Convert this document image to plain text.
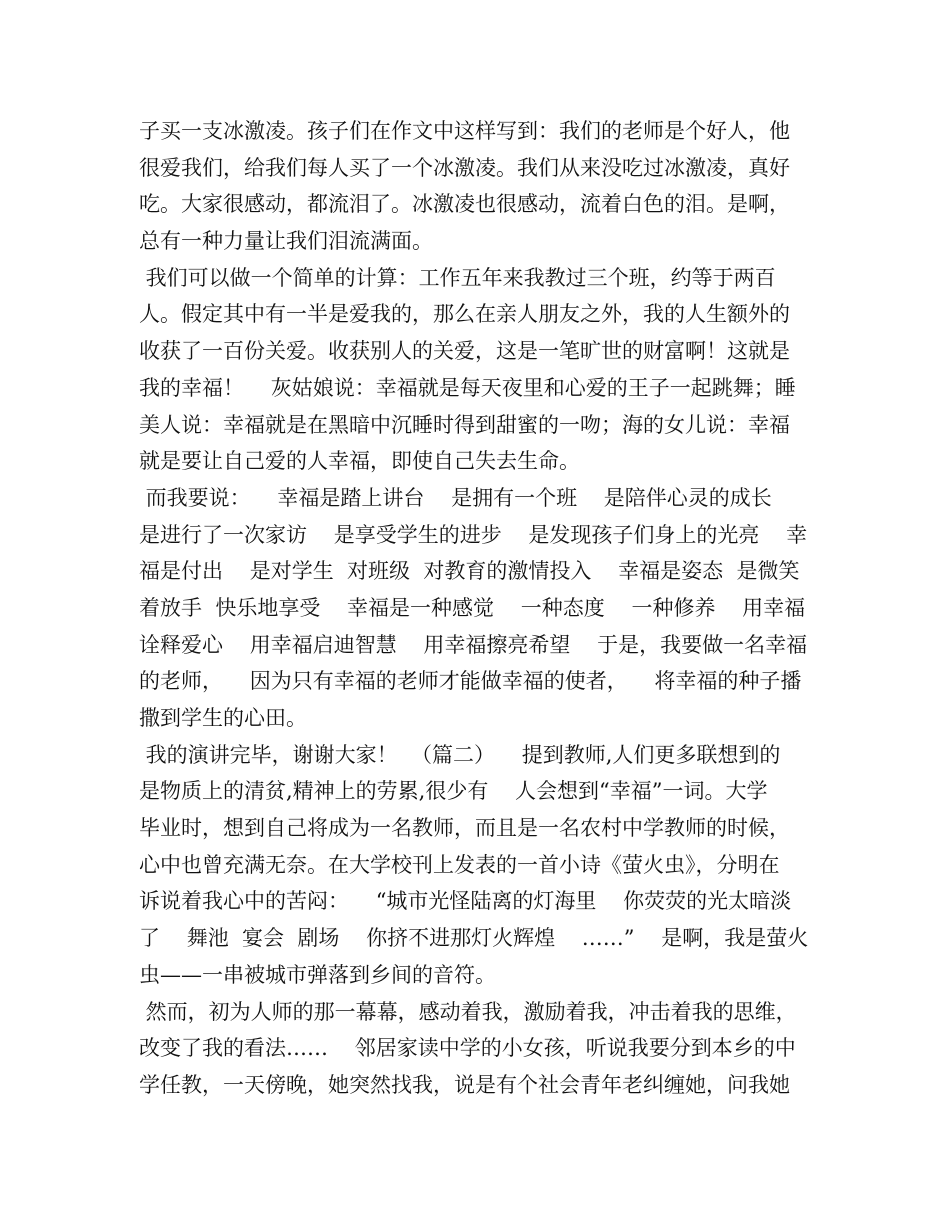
子买一支冰激凌。孩子们在作文中这样写到：我们的老师是个好人，他
很爱我们，给我们每人买了一个冰激凌。我们从来没吃过冰激凌，真好
吃。大家很感动，都流泪了。冰激凌也很感动，流着白色的泪。是啊，
总有一种力量让我们泪流满面。
我们可以做一个简单的计算：工作五年来我教过三个班，约等于两百
人。假定其中有一半是爱我的，那么在亲人朋友之外，我的人生额外的
收获了一百份关爱。收获别人的关爱，这是一笔旷世的财富啊！这就是
我的幸福！    灰姑娘说：幸福就是每天夜里和心爱的王子一起跳舞；睡
美人说：幸福就是在黑暗中沉睡时得到甜蜜的一吻；海的女儿说：幸福
就是要让自己爱的人幸福，即使自己失去生命。
而我要说：    幸福是踏上讲台    是拥有一个班    是陪伴心灵的成长
是进行了一次家访    是享受学生的进步    是发现孩子们身上的光亮    幸
福是付出    是对学生  对班级  对教育的激情投入    幸福是姿态  是微笑
着放手  快乐地享受    幸福是一种感觉    一种态度    一种修养    用幸福
诠释爱心    用幸福启迪智慧    用幸福擦亮希望    于是，我要做一名幸福
的老师，    因为只有幸福的老师才能做幸福的使者，    将幸福的种子播
撒到学生的心田。
我的演讲完毕，谢谢大家！  （篇二）    提到教师,人们更多联想到的
是物质上的清贫,精神上的劳累,很少有    人会想到“幸福”一词。大学
毕业时，想到自己将成为一名教师，而且是一名农村中学教师的时候，
心中也曾充满无奈。在大学校刊上发表的一首小诗《萤火虫》，分明在
诉说着我心中的苦闷：    “城市光怪陆离的灯海里    你荧荧的光太暗淡
了    舞池  宴会  剧场    你挤不进那灯火辉煌    ……”    是啊，我是萤火
虫——一串被城市弹落到乡间的音符。
然而，初为人师的那一幕幕，感动着我，激励着我，冲击着我的思维，
改变了我的看法……    邻居家读中学的小女孩，听说我要分到本乡的中
学任教，一天傍晚，她突然找我，说是有个社会青年老纠缠她，问我她
